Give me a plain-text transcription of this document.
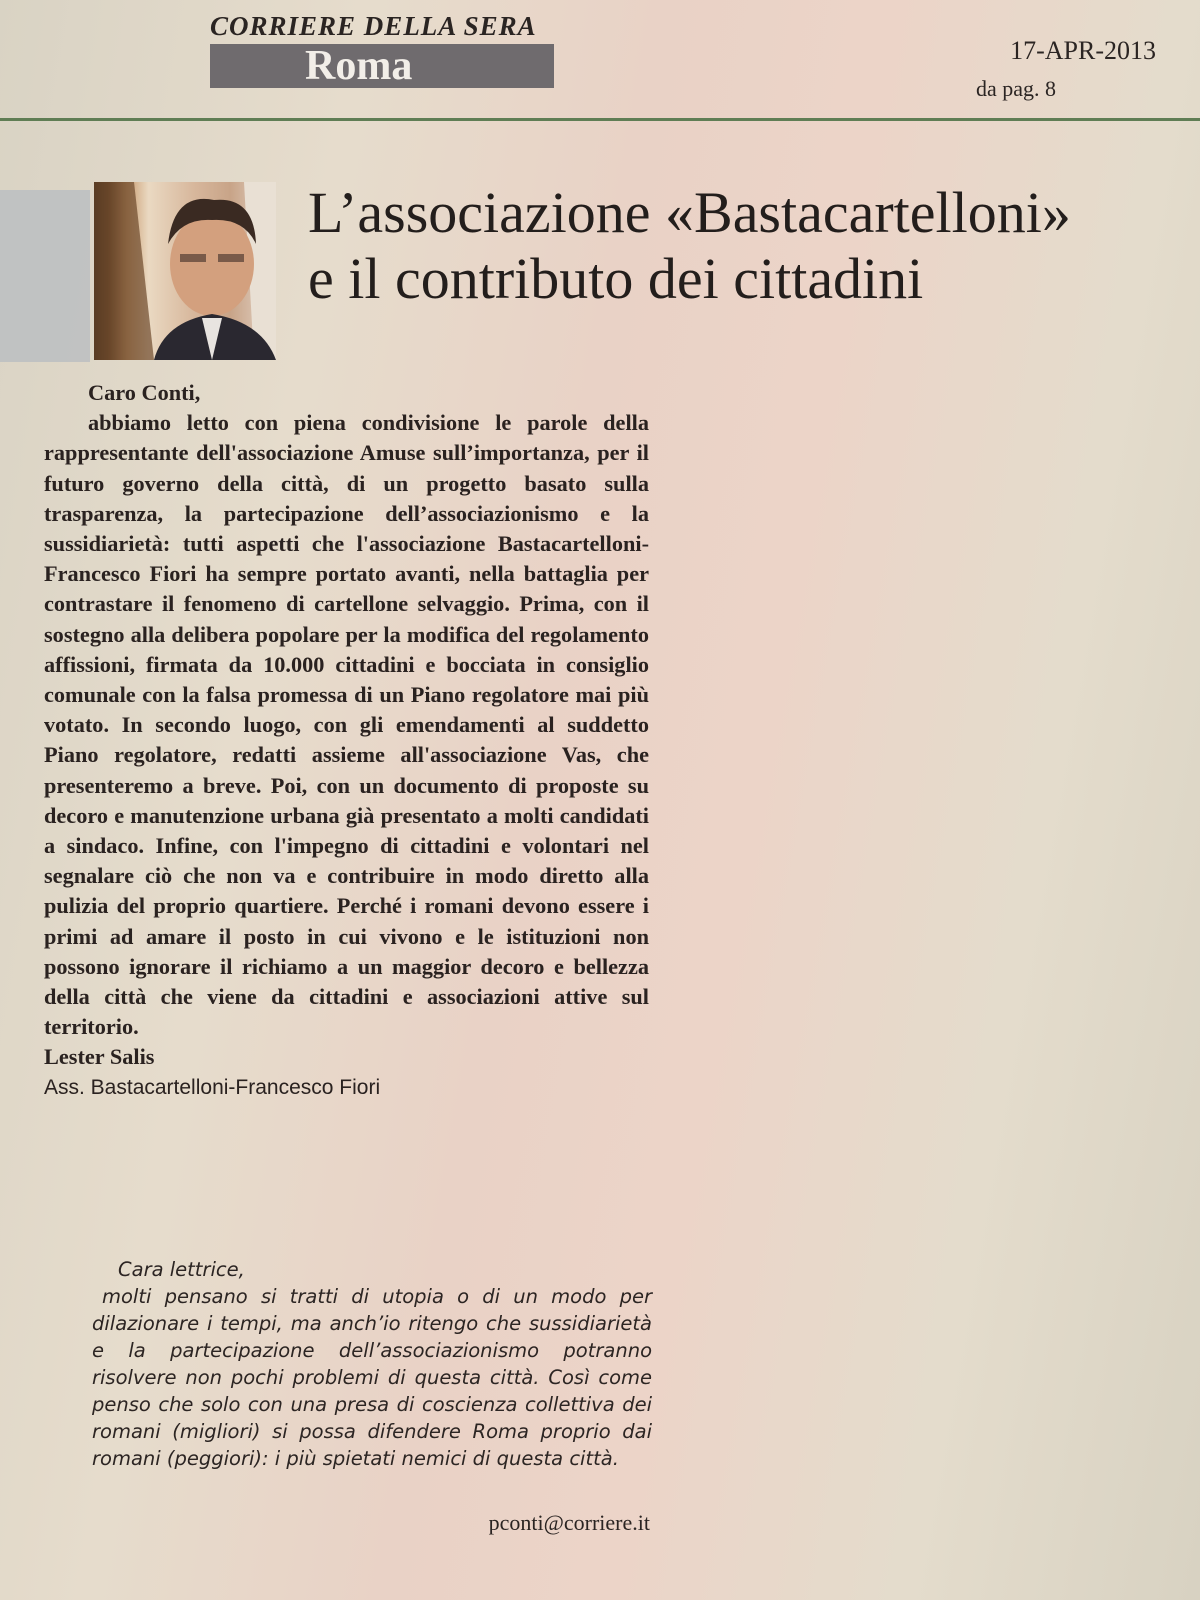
CORRIERE DELLA SERA
Roma	17-APR-2013
da pag. 8
L’associazione «Bastacartelloni»
e il contributo dei cittadini

Caro Conti,

abbiamo letto con piena condivisione le parole della rappresentante dell'associazione Amuse sull’importanza, per il futuro governo della città, di un progetto basato sulla trasparenza, la partecipazione dell’associazionismo e la sussidiarietà: tutti aspetti che l'associazione Bastacartelloni-Francesco Fiori ha sempre portato avanti, nella battaglia per contrastare il fenomeno di cartellone selvaggio. Prima, con il sostegno alla delibera popolare per la modifica del regolamento affissioni, firmata da 10.000 cittadini e bocciata in consiglio comunale con la falsa promessa di un Piano regolatore mai più votato. In secondo luogo, con gli emendamenti al suddetto Piano regolatore, redatti assieme all'associazione Vas, che presenteremo a breve. Poi, con un documento di proposte su decoro e manutenzione urbana già presentato a molti candidati a sindaco. Infine, con l'impegno di cittadini e volontari nel segnalare ciò che non va e contribuire in modo diretto alla pulizia del proprio quartiere. Perché i romani devono essere i primi ad amare il posto in cui vivono e le istituzioni non possono ignorare il richiamo a un maggior decoro e bellezza della città che viene da cittadini e associazioni attive sul territorio.

Lester Salis

Ass. Bastacartelloni-Francesco Fiori

Cara lettrice,

molti pensano si tratti di utopia o di un modo per dilazionare i tempi, ma anch’io ritengo che sussidiarietà e la partecipazione dell’associazionismo potranno risolvere non pochi problemi di questa città. Così come penso che solo con una presa di coscienza collettiva dei romani (migliori) si possa difendere Roma proprio dai romani (peggiori): i più spietati nemici di questa città.

pconti@corriere.it
